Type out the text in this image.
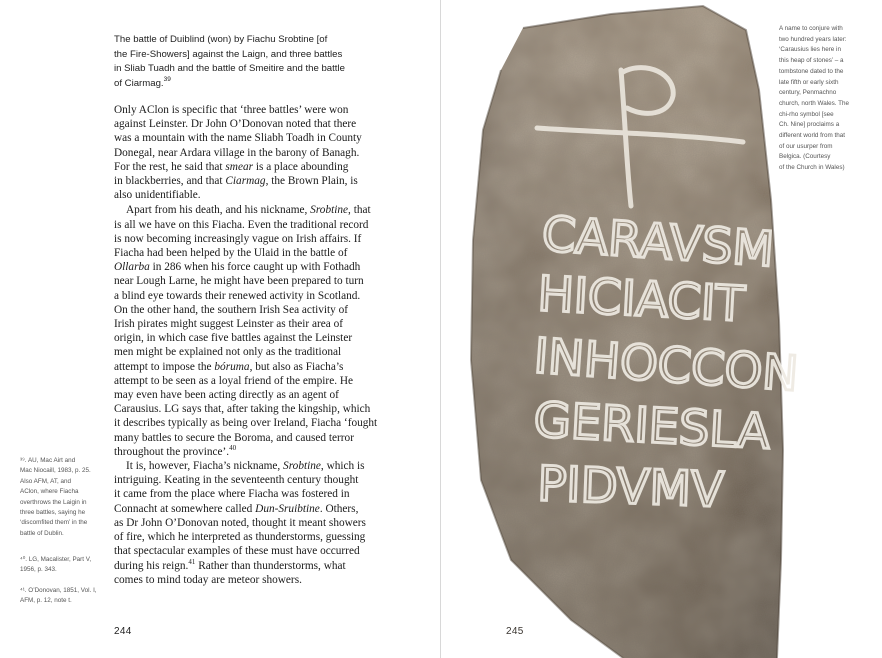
The battle of Duiblind (won) by Fiachu Srobtine [of
the Fire-Showers] against the Laign, and three battles
in Sliab Tuadh and the battle of Smeitire and the battle
of Ciarmag.$^{39}$

Only AClon is specific that ‘three battles’ were won
against Leinster. Dr John O’Donovan noted that there
was a mountain with the name Sliabh Toadh in County
Donegal, near Ardara village in the barony of Banagh.
For the rest, he said that smear is a place abounding
in blackberries, and that Ciarmag, the Brown Plain, is
also unidentifiable.

Apart from his death, and his nickname, Srobtine, that
is all we have on this Fiacha. Even the traditional record
is now becoming increasingly vague on Irish affairs. If
Fiacha had been helped by the Ulaid in the battle of
Ollarba in 286 when his force caught up with Fothadh
near Lough Larne, he might have been prepared to turn
a blind eye towards their renewed activity in Scotland.
On the other hand, the southern Irish Sea activity of
Irish pirates might suggest Leinster as their area of
origin, in which case five battles against the Leinster
men might be explained not only as the traditional
attempt to impose the bóruma, but also as Fiacha’s
attempt to be seen as a loyal friend of the empire. He
may even have been acting directly as an agent of
Carausius. LG says that, after taking the kingship, which
it describes typically as being over Ireland, Fiacha ‘fought
many battles to secure the Boroma, and caused terror
throughout the province’.$^{40}$

It is, however, Fiacha’s nickname, Srobtine, which is
intriguing. Keating in the seventeenth century thought
it came from the place where Fiacha was fostered in
Connacht at somewhere called Dun-Sruibtine. Others,
as Dr John O’Donovan noted, thought it meant showers
of fire, which he interpreted as thunderstorms, guessing
that spectacular examples of these must have occurred
during his reign.$^{41}$ Rather than thunderstorms, what
comes to mind today are meteor showers.

³⁹. AU, Mac Airt and
Mac Niocaill, 1983, p. 25.
Also AFM, AT, and
AClon, where Fiacha
overthrows the Laigin in
three battles, saying he
‘discomfited them’ in the
battle of Dublin.
⁴⁰. LG, Macalister, Part V,
1956, p. 343.
⁴¹. O’Donovan, 1851, Vol. I,
AFM, p. 12, note t.
244
CARAVSM
HICIACIT
INHOCCON
GERIESLA
PIDVMV
A name to conjure with
two hundred years later:
‘Carausius lies here in
this heap of stones’ – a
tombstone dated to the
late fifth or early sixth
century, Penmachno
church, north Wales. The
chi-rho symbol [see
Ch. Nine] proclaims a
different world from that
of our usurper from
Belgica. (Courtesy
of the Church in Wales)
245
